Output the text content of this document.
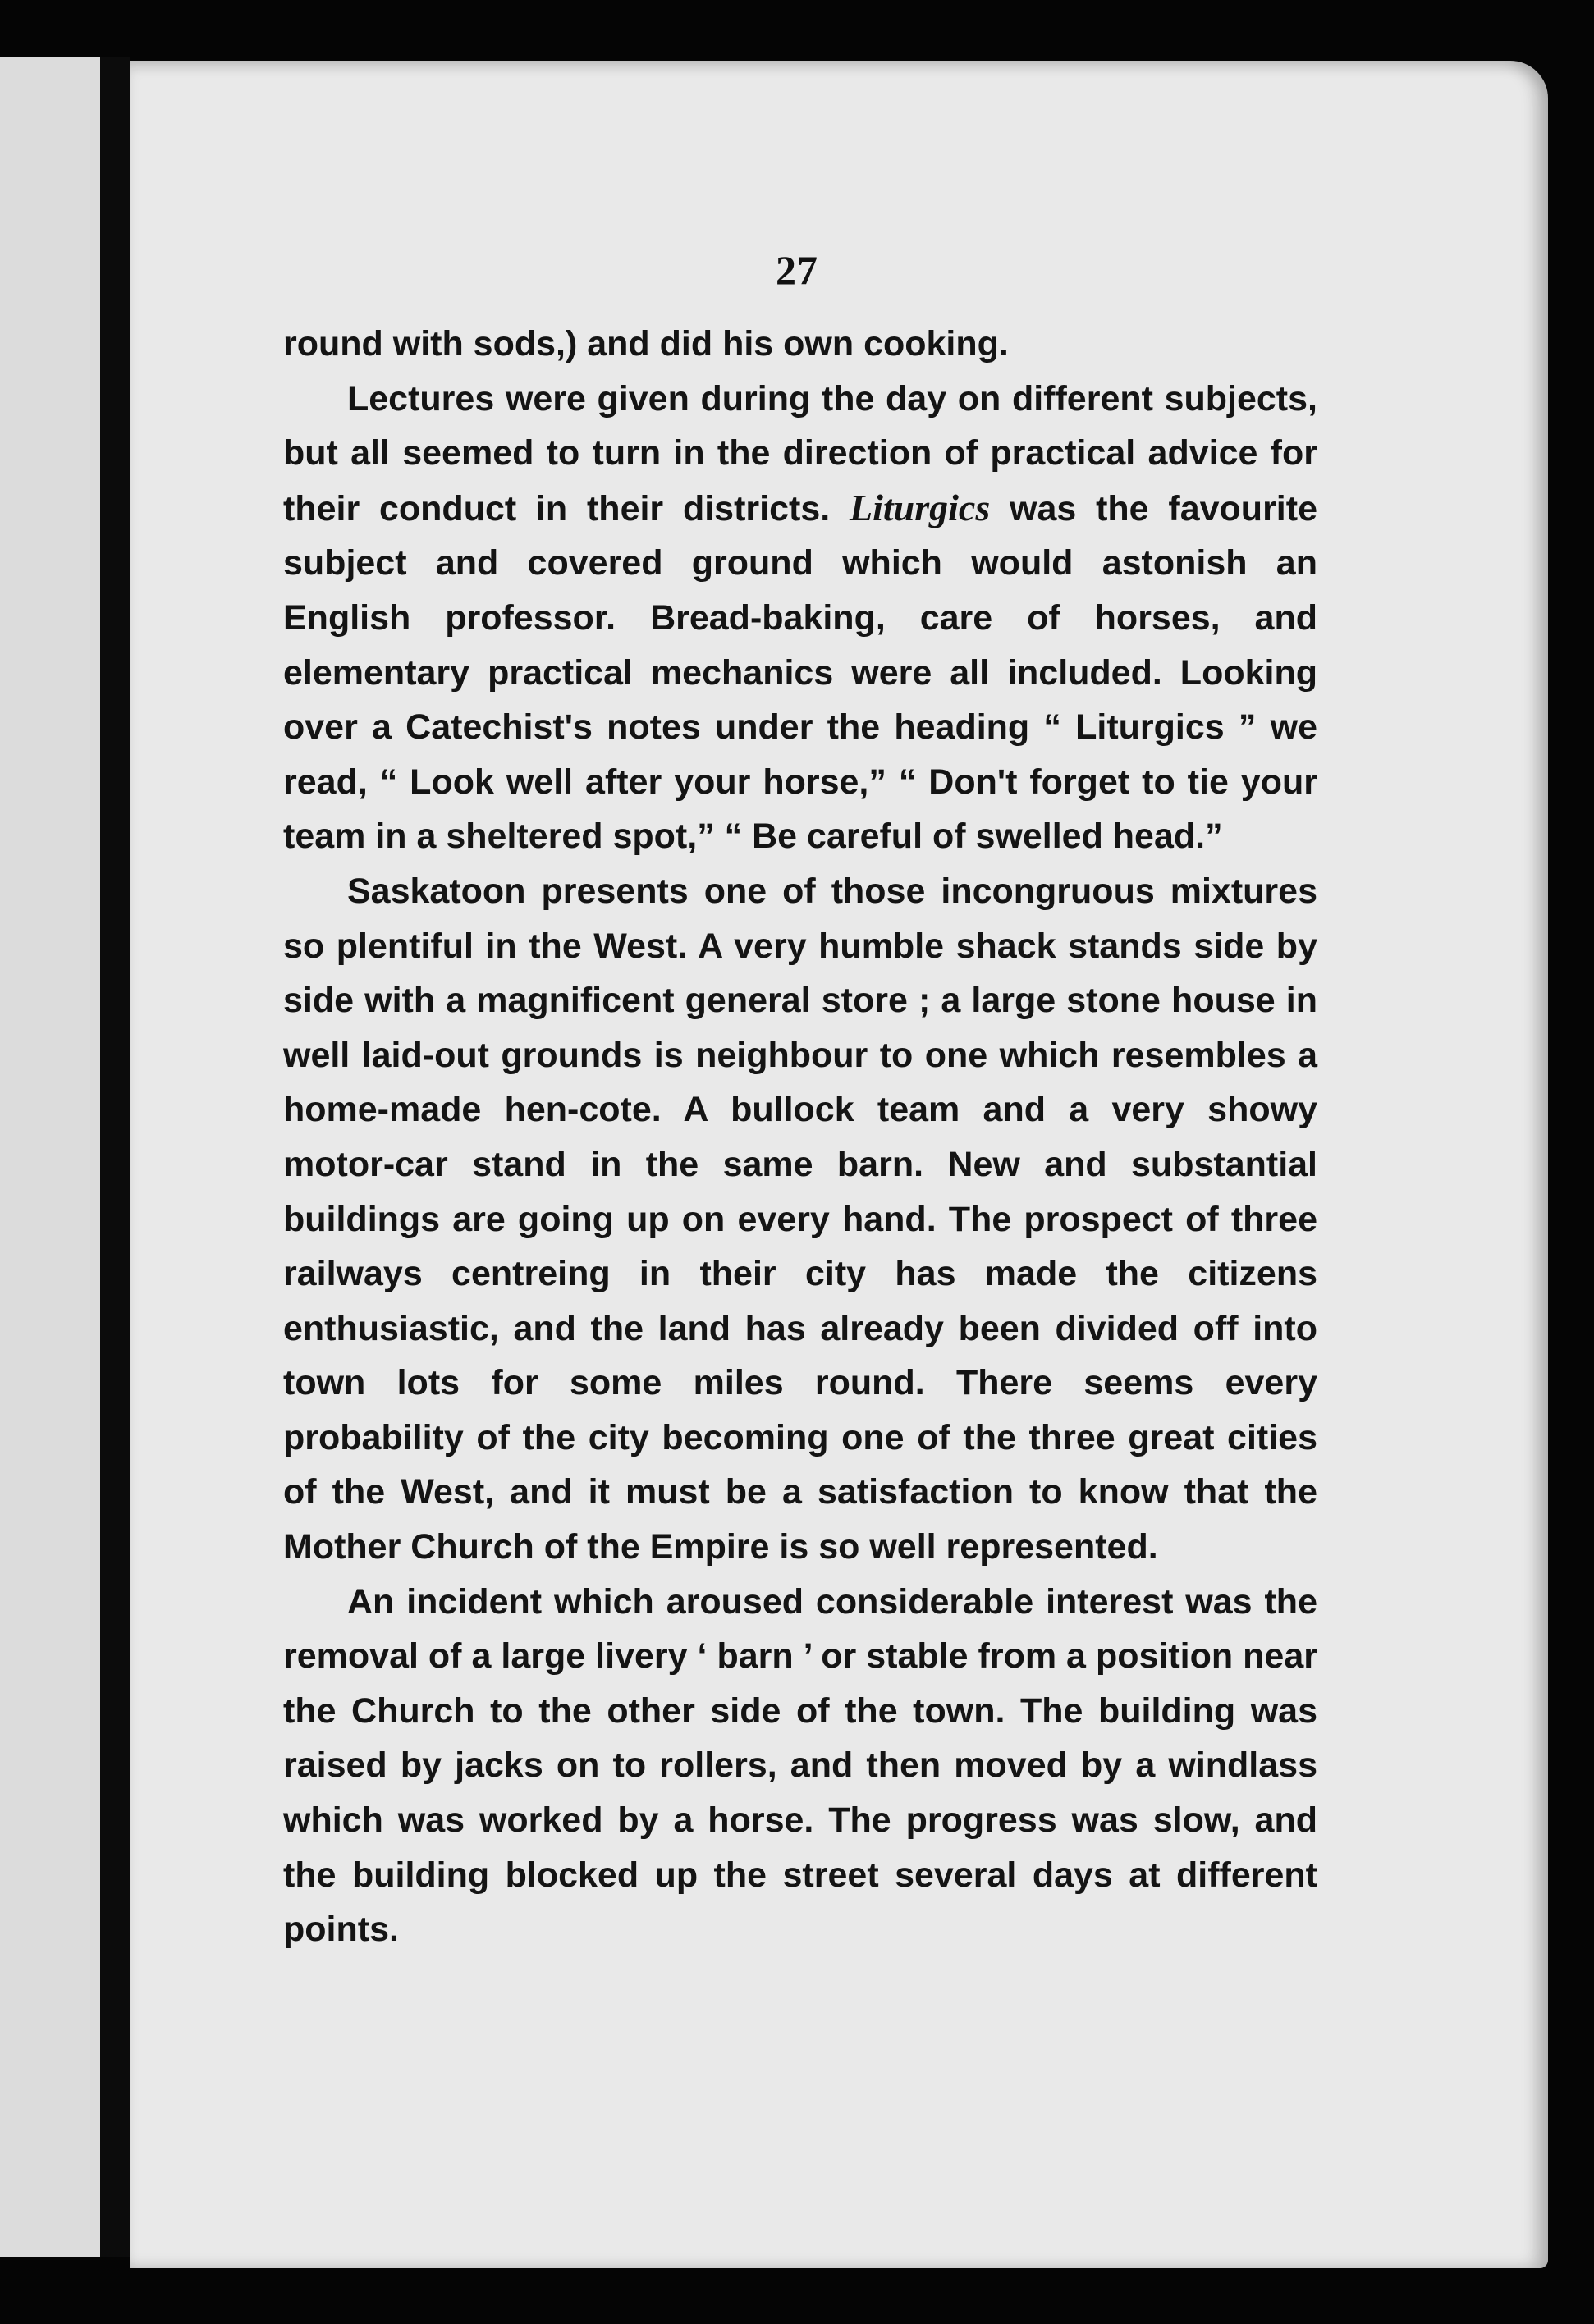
27

round with sods,) and did his own cooking.

Lectures were given during the day on different subjects, but all seemed to turn in the direction of practical advice for their conduct in their districts. Liturgics was the favourite subject and covered ground which would astonish an English professor. Bread-baking, care of horses, and elementary practical mechanics were all included. Looking over a Catechist's notes under the heading “ Liturgics ” we read, “ Look well after your horse,” “ Don't forget to tie your team in a sheltered spot,” “ Be careful of swelled head.”

Saskatoon presents one of those incongruous mixtures so plentiful in the West. A very humble shack stands side by side with a magnificent general store ; a large stone house in well laid-out grounds is neighbour to one which resembles a home-made hen-cote. A bullock team and a very showy motor-car stand in the same barn. New and substantial buildings are going up on every hand. The prospect of three railways centreing in their city has made the citizens enthusiastic, and the land has already been divided off into town lots for some miles round. There seems every probability of the city becoming one of the three great cities of the West, and it must be a satisfaction to know that the Mother Church of the Empire is so well represented.

An incident which aroused considerable interest was the removal of a large livery ‘ barn ’ or stable from a position near the Church to the other side of the town. The building was raised by jacks on to rollers, and then moved by a windlass which was worked by a horse. The progress was slow, and the building blocked up the street several days at different points.
